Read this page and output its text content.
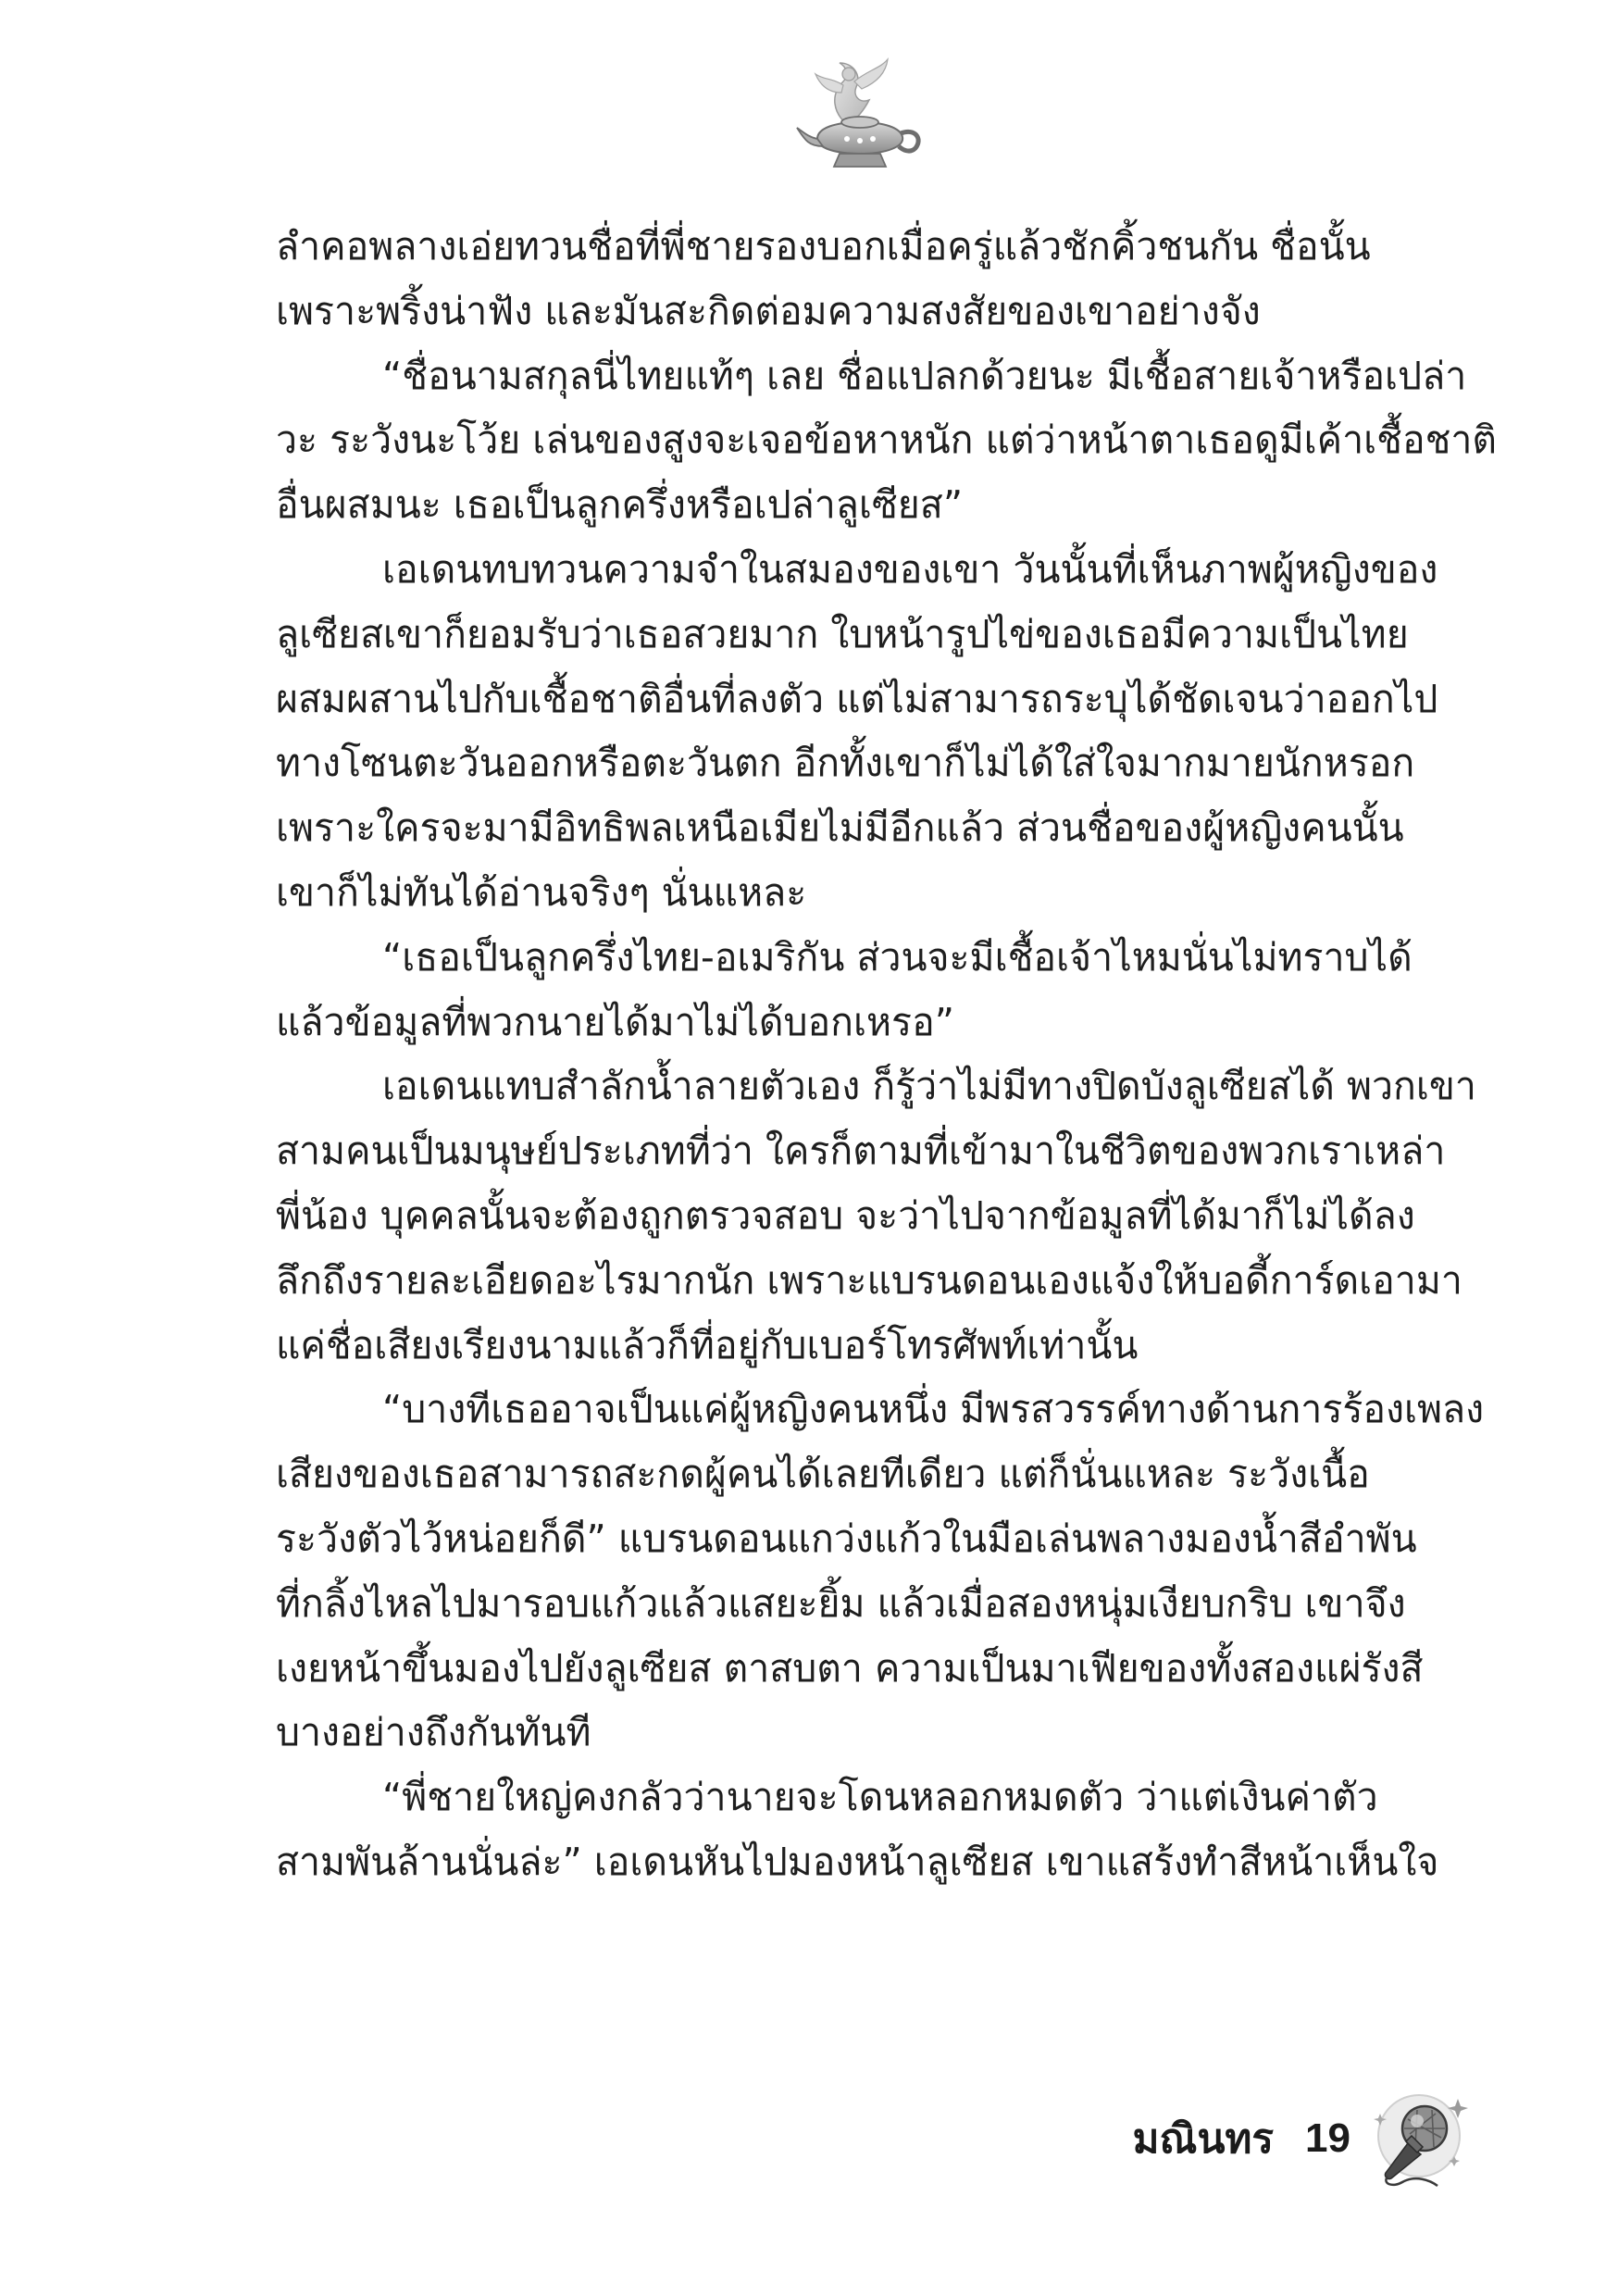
ลำคอพลางเอ่ยทวนชื่อที่พี่ชายรองบอกเมื่อครู่แล้วชักคิ้วชนกัน ชื่อนั้น
เพราะพริ้งน่าฟัง และมันสะกิดต่อมความสงสัยของเขาอย่างจัง
“ชื่อนามสกุลนี่ไทยแท้ๆ เลย ชื่อแปลกด้วยนะ มีเชื้อสายเจ้าหรือเปล่า
วะ ระวังนะโว้ย เล่นของสูงจะเจอข้อหาหนัก แต่ว่าหน้าตาเธอดูมีเค้าเชื้อชาติ
อื่นผสมนะ เธอเป็นลูกครึ่งหรือเปล่าลูเซียส”
เอเดนทบทวนความจำในสมองของเขา วันนั้นที่เห็นภาพผู้หญิงของ
ลูเซียสเขาก็ยอมรับว่าเธอสวยมาก ใบหน้ารูปไข่ของเธอมีความเป็นไทย
ผสมผสานไปกับเชื้อชาติอื่นที่ลงตัว แต่ไม่สามารถระบุได้ชัดเจนว่าออกไป
ทางโซนตะวันออกหรือตะวันตก อีกทั้งเขาก็ไม่ได้ใส่ใจมากมายนักหรอก
เพราะใครจะมามีอิทธิพลเหนือเมียไม่มีอีกแล้ว ส่วนชื่อของผู้หญิงคนนั้น
เขาก็ไม่ทันได้อ่านจริงๆ นั่นแหละ
“เธอเป็นลูกครึ่งไทย-อเมริกัน ส่วนจะมีเชื้อเจ้าไหมนั่นไม่ทราบได้
แล้วข้อมูลที่พวกนายได้มาไม่ได้บอกเหรอ”
เอเดนแทบสำลักน้ำลายตัวเอง ก็รู้ว่าไม่มีทางปิดบังลูเซียสได้ พวกเขา
สามคนเป็นมนุษย์ประเภทที่ว่า ใครก็ตามที่เข้ามาในชีวิตของพวกเราเหล่า
พี่น้อง บุคคลนั้นจะต้องถูกตรวจสอบ จะว่าไปจากข้อมูลที่ได้มาก็ไม่ได้ลง
ลึกถึงรายละเอียดอะไรมากนัก เพราะแบรนดอนเองแจ้งให้บอดี้การ์ดเอามา
แค่ชื่อเสียงเรียงนามแล้วก็ที่อยู่กับเบอร์โทรศัพท์เท่านั้น
“บางทีเธออาจเป็นแค่ผู้หญิงคนหนึ่ง มีพรสวรรค์ทางด้านการร้องเพลง
เสียงของเธอสามารถสะกดผู้คนได้เลยทีเดียว แต่ก็นั่นแหละ ระวังเนื้อ
ระวังตัวไว้หน่อยก็ดี” แบรนดอนแกว่งแก้วในมือเล่นพลางมองน้ำสีอำพัน
ที่กลิ้งไหลไปมารอบแก้วแล้วแสยะยิ้ม แล้วเมื่อสองหนุ่มเงียบกริบ เขาจึง
เงยหน้าขึ้นมองไปยังลูเซียส ตาสบตา ความเป็นมาเฟียของทั้งสองแผ่รังสี
บางอย่างถึงกันทันที
“พี่ชายใหญ่คงกลัวว่านายจะโดนหลอกหมดตัว ว่าแต่เงินค่าตัว
สามพันล้านนั่นล่ะ” เอเดนหันไปมองหน้าลูเซียส เขาแสร้งทำสีหน้าเห็นใจ
มณินทร 19
